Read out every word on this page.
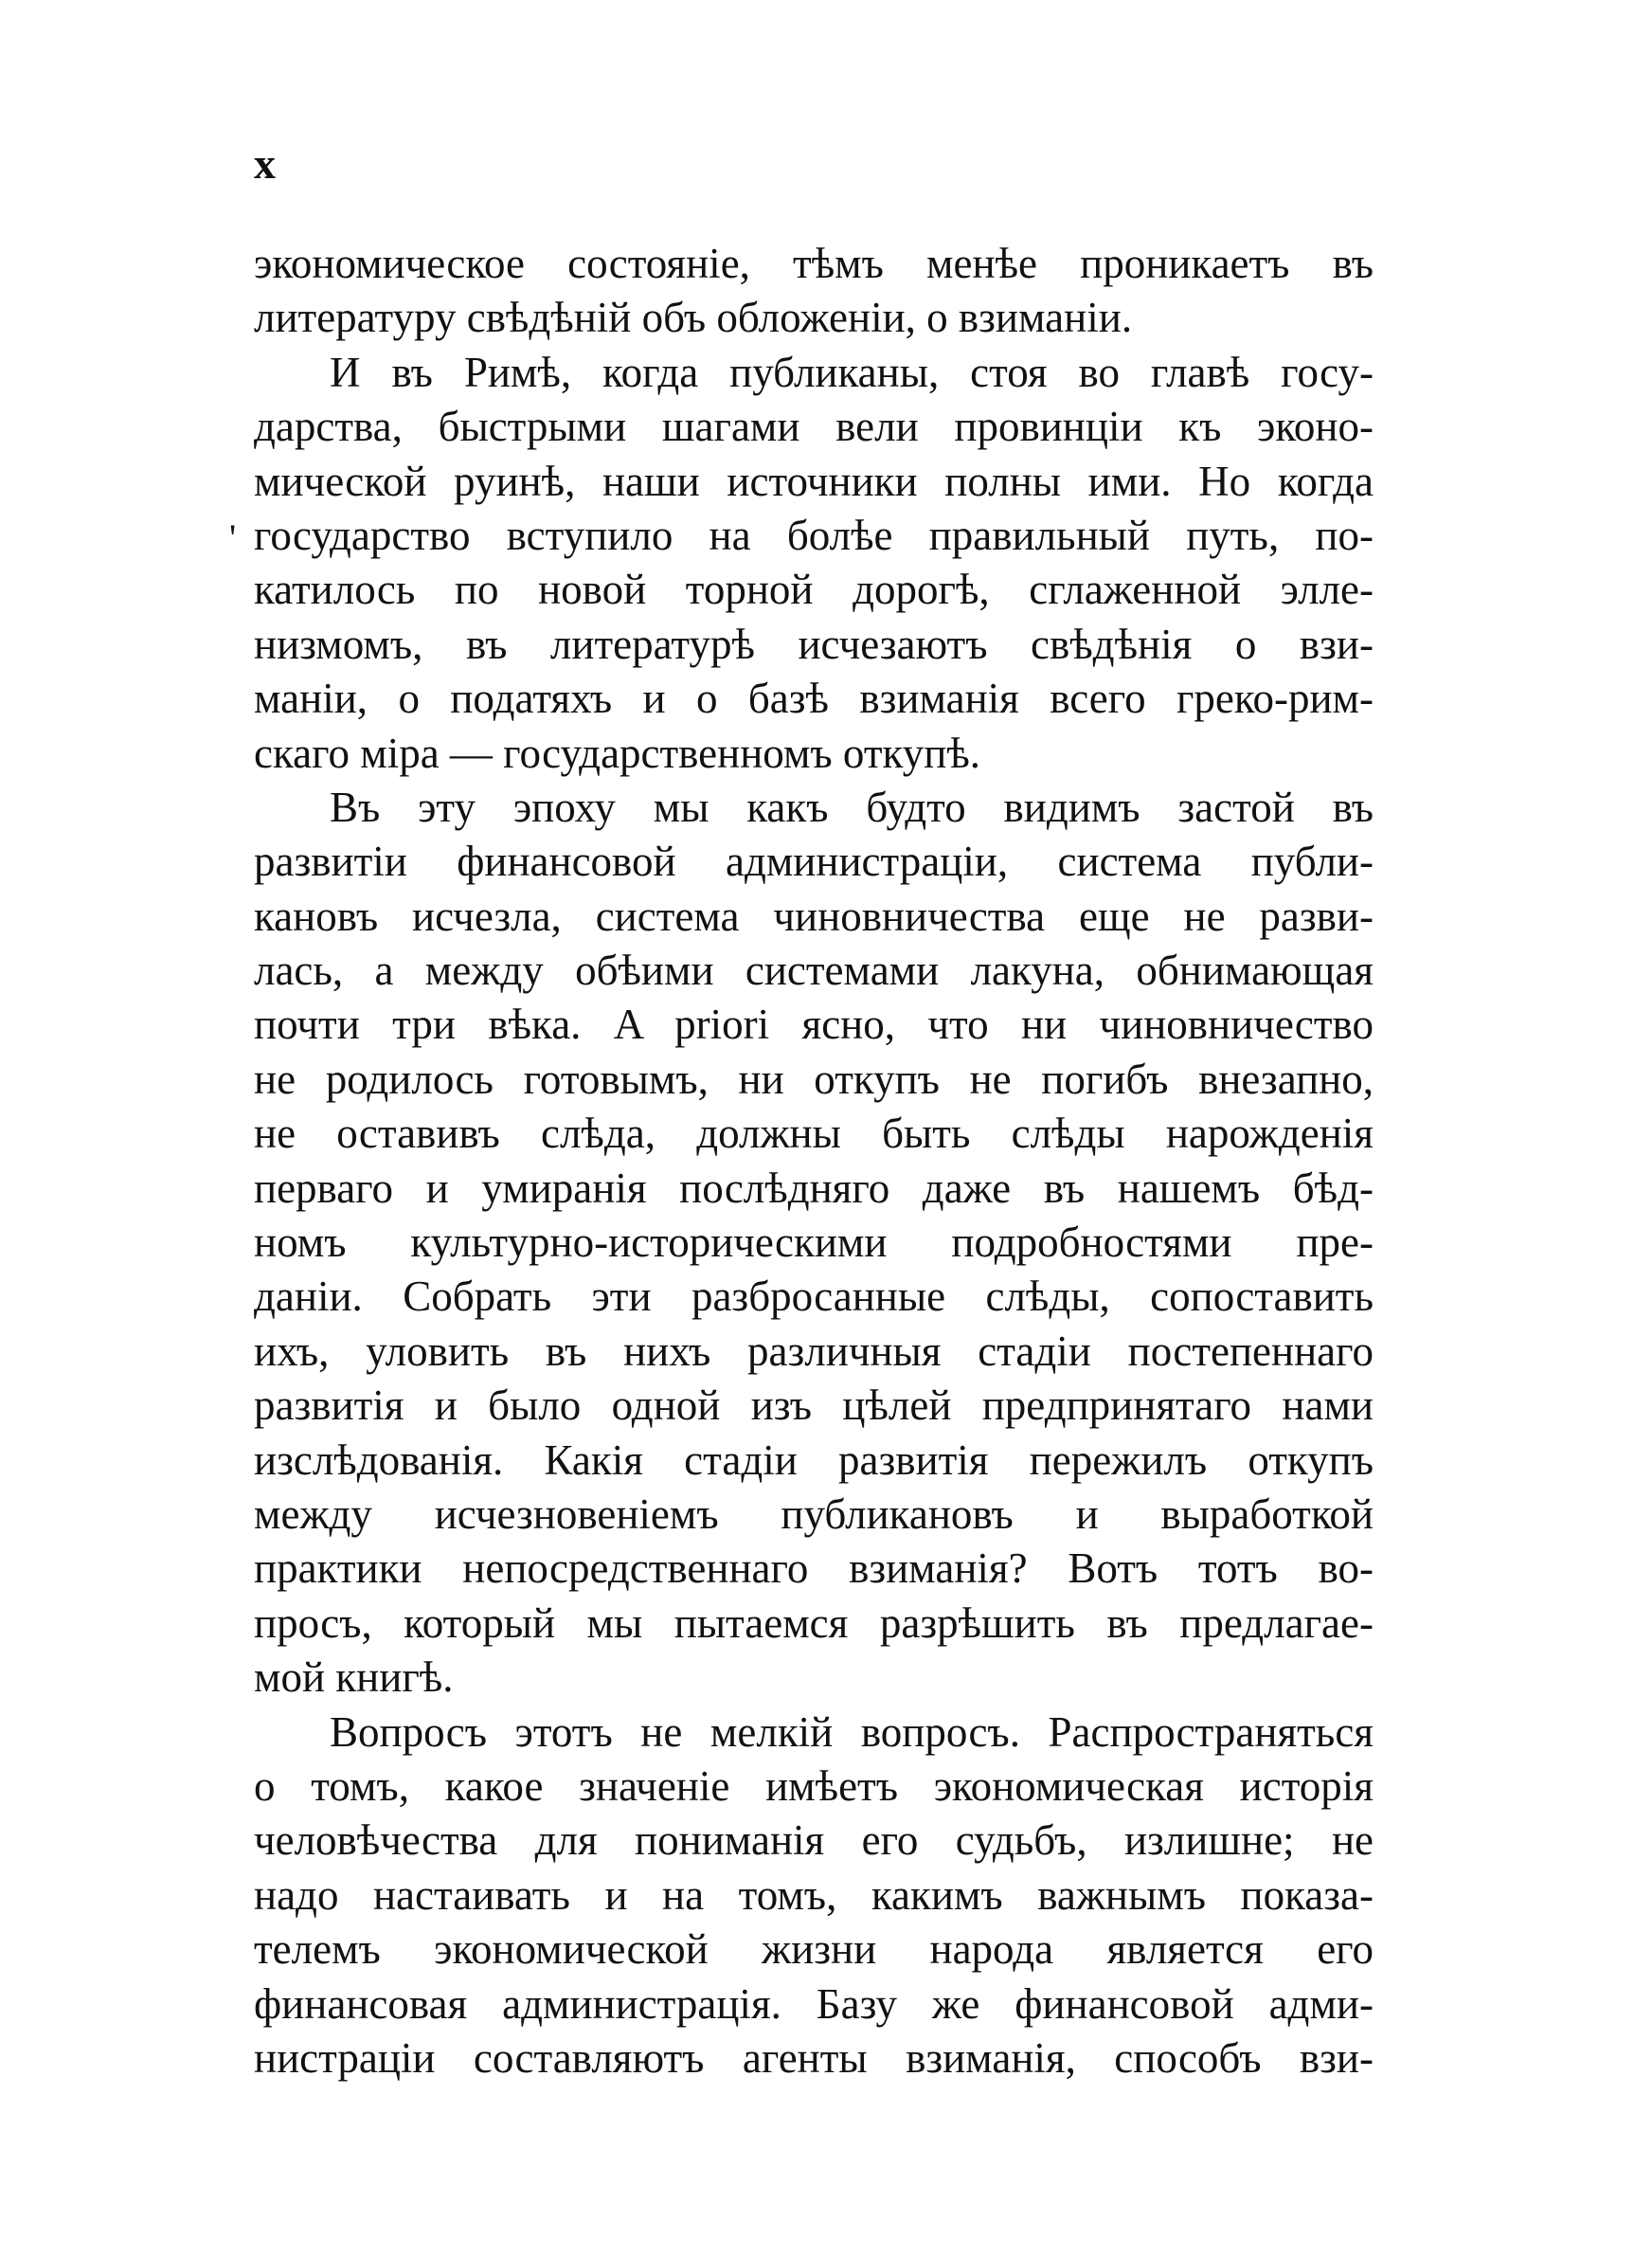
x
'
экономическое состояніе, тѣмъ менѣе проникаетъ въ
литературу свѣдѣній объ обложеніи, о взиманіи.
И въ Римѣ, когда публиканы, стоя во главѣ госу-
дарства, быстрыми шагами вели провинціи къ эконо-
мической руинѣ, наши источники полны ими. Но когда
государство вступило на болѣе правильный путь, по-
катилось по новой торной дорогѣ, сглаженной элле-
низмомъ, въ литературѣ исчезаютъ свѣдѣнія о взи-
маніи, о податяхъ и о базѣ взиманія всего греко-рим-
скаго міра — государственномъ откупѣ.
Въ эту эпоху мы какъ будто видимъ застой въ
развитіи финансовой администраціи, система публи-
кановъ исчезла, система чиновничества еще не разви-
лась, а между обѣими системами лакуна, обнимающая
почти три вѣка. A priori ясно, что ни чиновничество
не родилось готовымъ, ни откупъ не погибъ внезапно,
не оставивъ слѣда, должны быть слѣды нарожденія
перваго и умиранія послѣдняго даже въ нашемъ бѣд-
номъ культурно-историческими подробностями пре-
даніи. Собрать эти разбросанные слѣды, сопоставить
ихъ, уловить въ нихъ различныя стадіи постепеннаго
развитія и было одной изъ цѣлей предпринятаго нами
изслѣдованія. Какія стадіи развитія пережилъ откупъ
между исчезновеніемъ публикановъ и выработкой
практики непосредственнаго взиманія? Вотъ тотъ во-
просъ, который мы пытаемся разрѣшить въ предлагае-
мой книгѣ.
Вопросъ этотъ не мелкій вопросъ. Распространяться
о томъ, какое значеніе имѣетъ экономическая исторія
человѣчества для пониманія его судьбъ, излишне; не
надо настаивать и на томъ, какимъ важнымъ показа-
телемъ экономической жизни народа является его
финансовая администрація. Базу же финансовой адми-
нистраціи составляютъ агенты взиманія, способъ взи-
